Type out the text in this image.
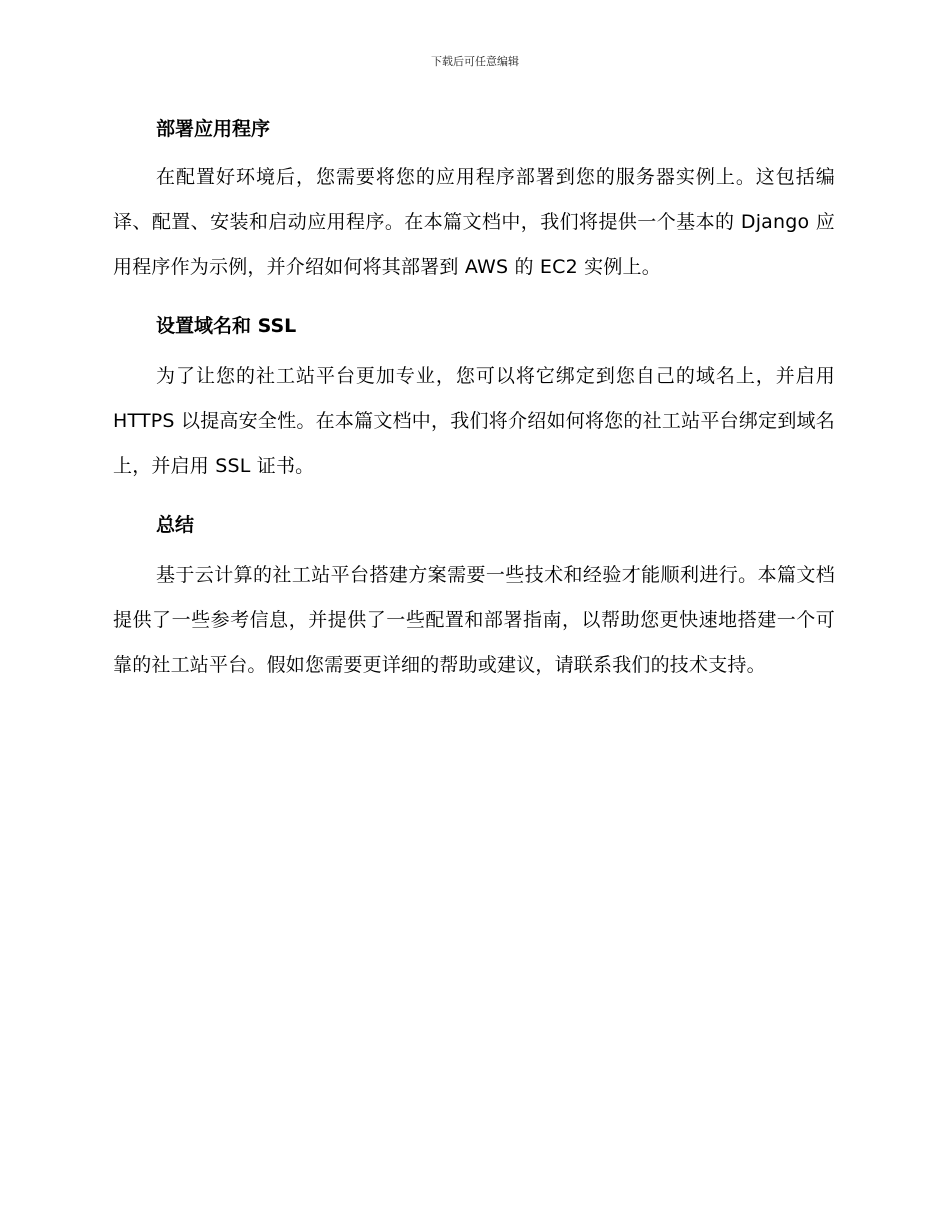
下载后可任意编辑
部署应用程序

在配置好环境后，您需要将您的应用程序部署到您的服务器实例上。这包括编译、配置、安装和启动应用程序。在本篇文档中，我们将提供一个基本的 Django 应用程序作为示例，并介绍如何将其部署到 AWS 的 EC2 实例上。

设置域名和 SSL

为了让您的社工站平台更加专业，您可以将它绑定到您自己的域名上，并启用 HTTPS 以提高安全性。在本篇文档中，我们将介绍如何将您的社工站平台绑定到域名上，并启用 SSL 证书。

总结

基于云计算的社工站平台搭建方案需要一些技术和经验才能顺利进行。本篇文档提供了一些参考信息，并提供了一些配置和部署指南，以帮助您更快速地搭建一个可靠的社工站平台。假如您需要更详细的帮助或建议，请联系我们的技术支持。
